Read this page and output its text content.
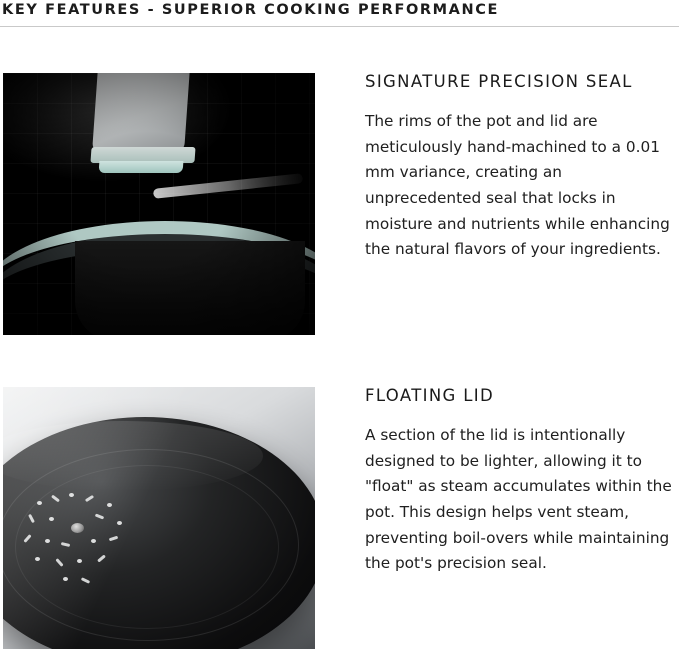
KEY FEATURES - SUPERIOR COOKING PERFORMANCE
SIGNATURE PRECISION SEAL

The rims of the pot and lid are meticulously hand-machined to a 0.01 mm variance, creating an unprecedented seal that locks in moisture and nutrients while enhancing the natural flavors of your ingredients.

FLOATING LID

A section of the lid is intentionally designed to be lighter, allowing it to "float" as steam accumulates within the pot. This design helps vent steam, preventing boil-overs while maintaining the pot's precision seal.
